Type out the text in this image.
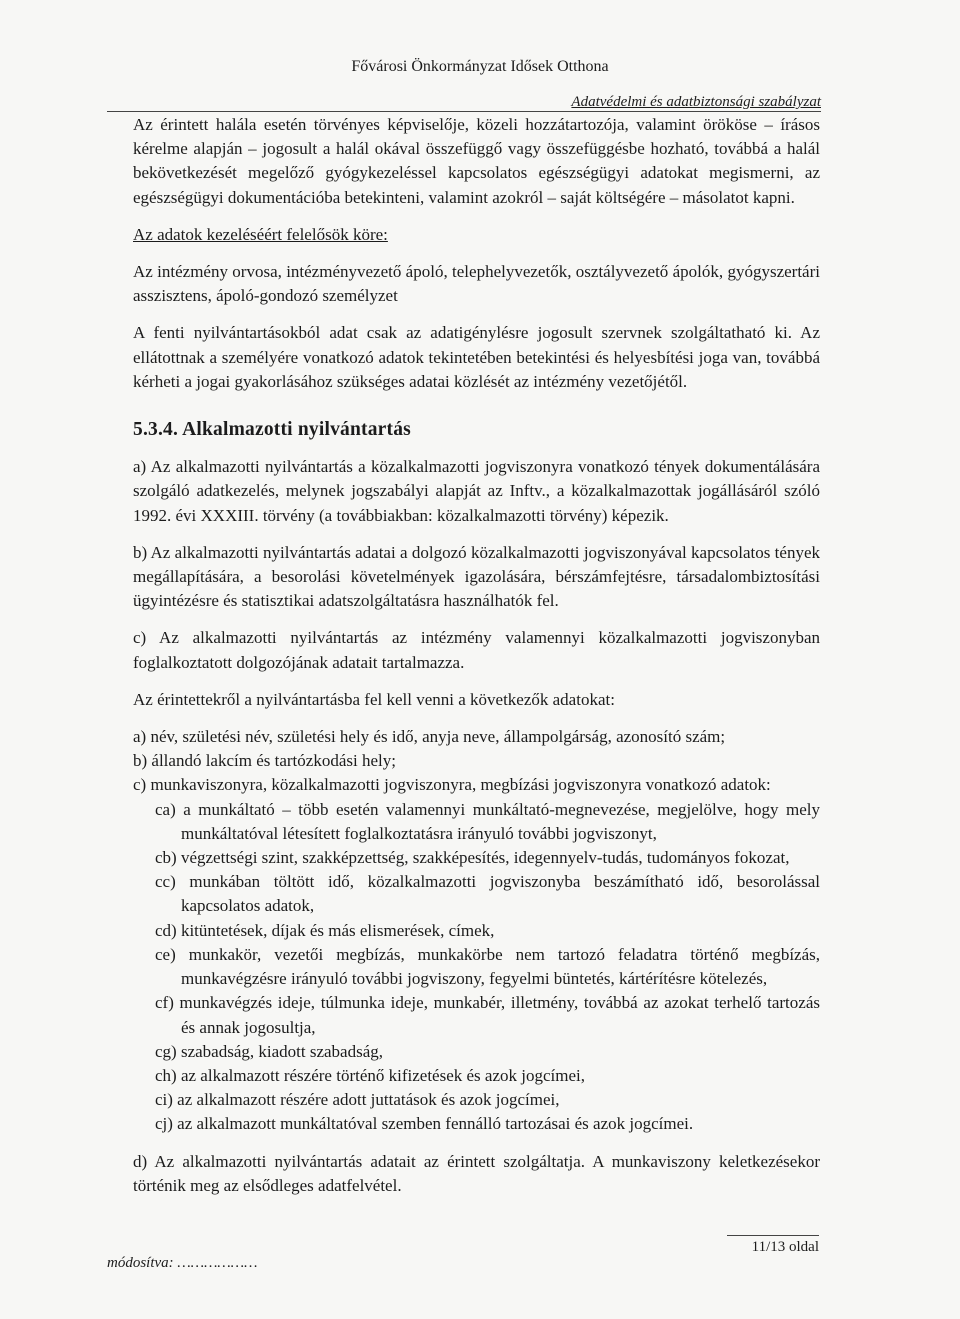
Fővárosi Önkormányzat Idősek Otthona
Adatvédelmi és adatbiztonsági szabályzat

Az érintett halála esetén törvényes képviselője, közeli hozzátartozója, valamint örököse – írásos kérelme alapján – jogosult a halál okával összefüggő vagy összefüggésbe hozható, továbbá a halál bekövetkezését megelőző gyógykezeléssel kapcsolatos egészségügyi adatokat megismerni, az egészségügyi dokumentációba betekinteni, valamint azokról – saját költségére – másolatot kapni.

Az adatok kezeléséért felelősök köre:

Az intézmény orvosa, intézményvezető ápoló, telephelyvezetők, osztályvezető ápolók, gyógyszertári asszisztens, ápoló-gondozó személyzet

A fenti nyilvántartásokból adat csak az adatigénylésre jogosult szervnek szolgáltatható ki. Az ellátottnak a személyére vonatkozó adatok tekintetében betekintési és helyesbítési joga van, továbbá kérheti a jogai gyakorlásához szükséges adatai közlését az intézmény vezetőjétől.

5.3.4. Alkalmazotti nyilvántartás

a) Az alkalmazotti nyilvántartás a közalkalmazotti jogviszonyra vonatkozó tények dokumentálására szolgáló adatkezelés, melynek jogszabályi alapját az Inftv., a közalkalmazottak jogállásáról szóló 1992. évi XXXIII. törvény (a továbbiakban: közalkalmazotti törvény) képezik.

b) Az alkalmazotti nyilvántartás adatai a dolgozó közalkalmazotti jogviszonyával kapcsolatos tények megállapítására, a besorolási követelmények igazolására, bérszámfejtésre, társadalombiztosítási ügyintézésre és statisztikai adatszolgáltatásra használhatók fel.

c) Az alkalmazotti nyilvántartás az intézmény valamennyi közalkalmazotti jogviszonyban foglalkoztatott dolgozójának adatait tartalmazza.

Az érintettekről a nyilvántartásba fel kell venni a következők adatokat:

a) név, születési név, születési hely és idő, anyja neve, állampolgárság, azonosító szám;
b) állandó lakcím és tartózkodási hely;
c) munkaviszonyra, közalkalmazotti jogviszonyra, megbízási jogviszonyra vonatkozó adatok:
ca) a munkáltató – több esetén valamennyi munkáltató-megnevezése, megjelölve, hogy mely munkáltatóval létesített foglalkoztatásra irányuló további jogviszonyt,
cb) végzettségi szint, szakképzettség, szakképesítés, idegennyelv-tudás, tudományos fokozat,
cc) munkában töltött idő, közalkalmazotti jogviszonyba beszámítható idő, besorolással kapcsolatos adatok,
cd) kitüntetések, díjak és más elismerések, címek,
ce) munkakör, vezetői megbízás, munkakörbe nem tartozó feladatra történő megbízás, munkavégzésre irányuló további jogviszony, fegyelmi büntetés, kártérítésre kötelezés,
cf) munkavégzés ideje, túlmunka ideje, munkabér, illetmény, továbbá az azokat terhelő tartozás és annak jogosultja,
cg) szabadság, kiadott szabadság,
ch) az alkalmazott részére történő kifizetések és azok jogcímei,
ci) az alkalmazott részére adott juttatások és azok jogcímei,
cj) az alkalmazott munkáltatóval szemben fennálló tartozásai és azok jogcímei.

d) Az alkalmazotti nyilvántartás adatait az érintett szolgáltatja. A munkaviszony keletkezésekor történik meg az elsődleges adatfelvétel.

módosítva: ………………
11/13 oldal
